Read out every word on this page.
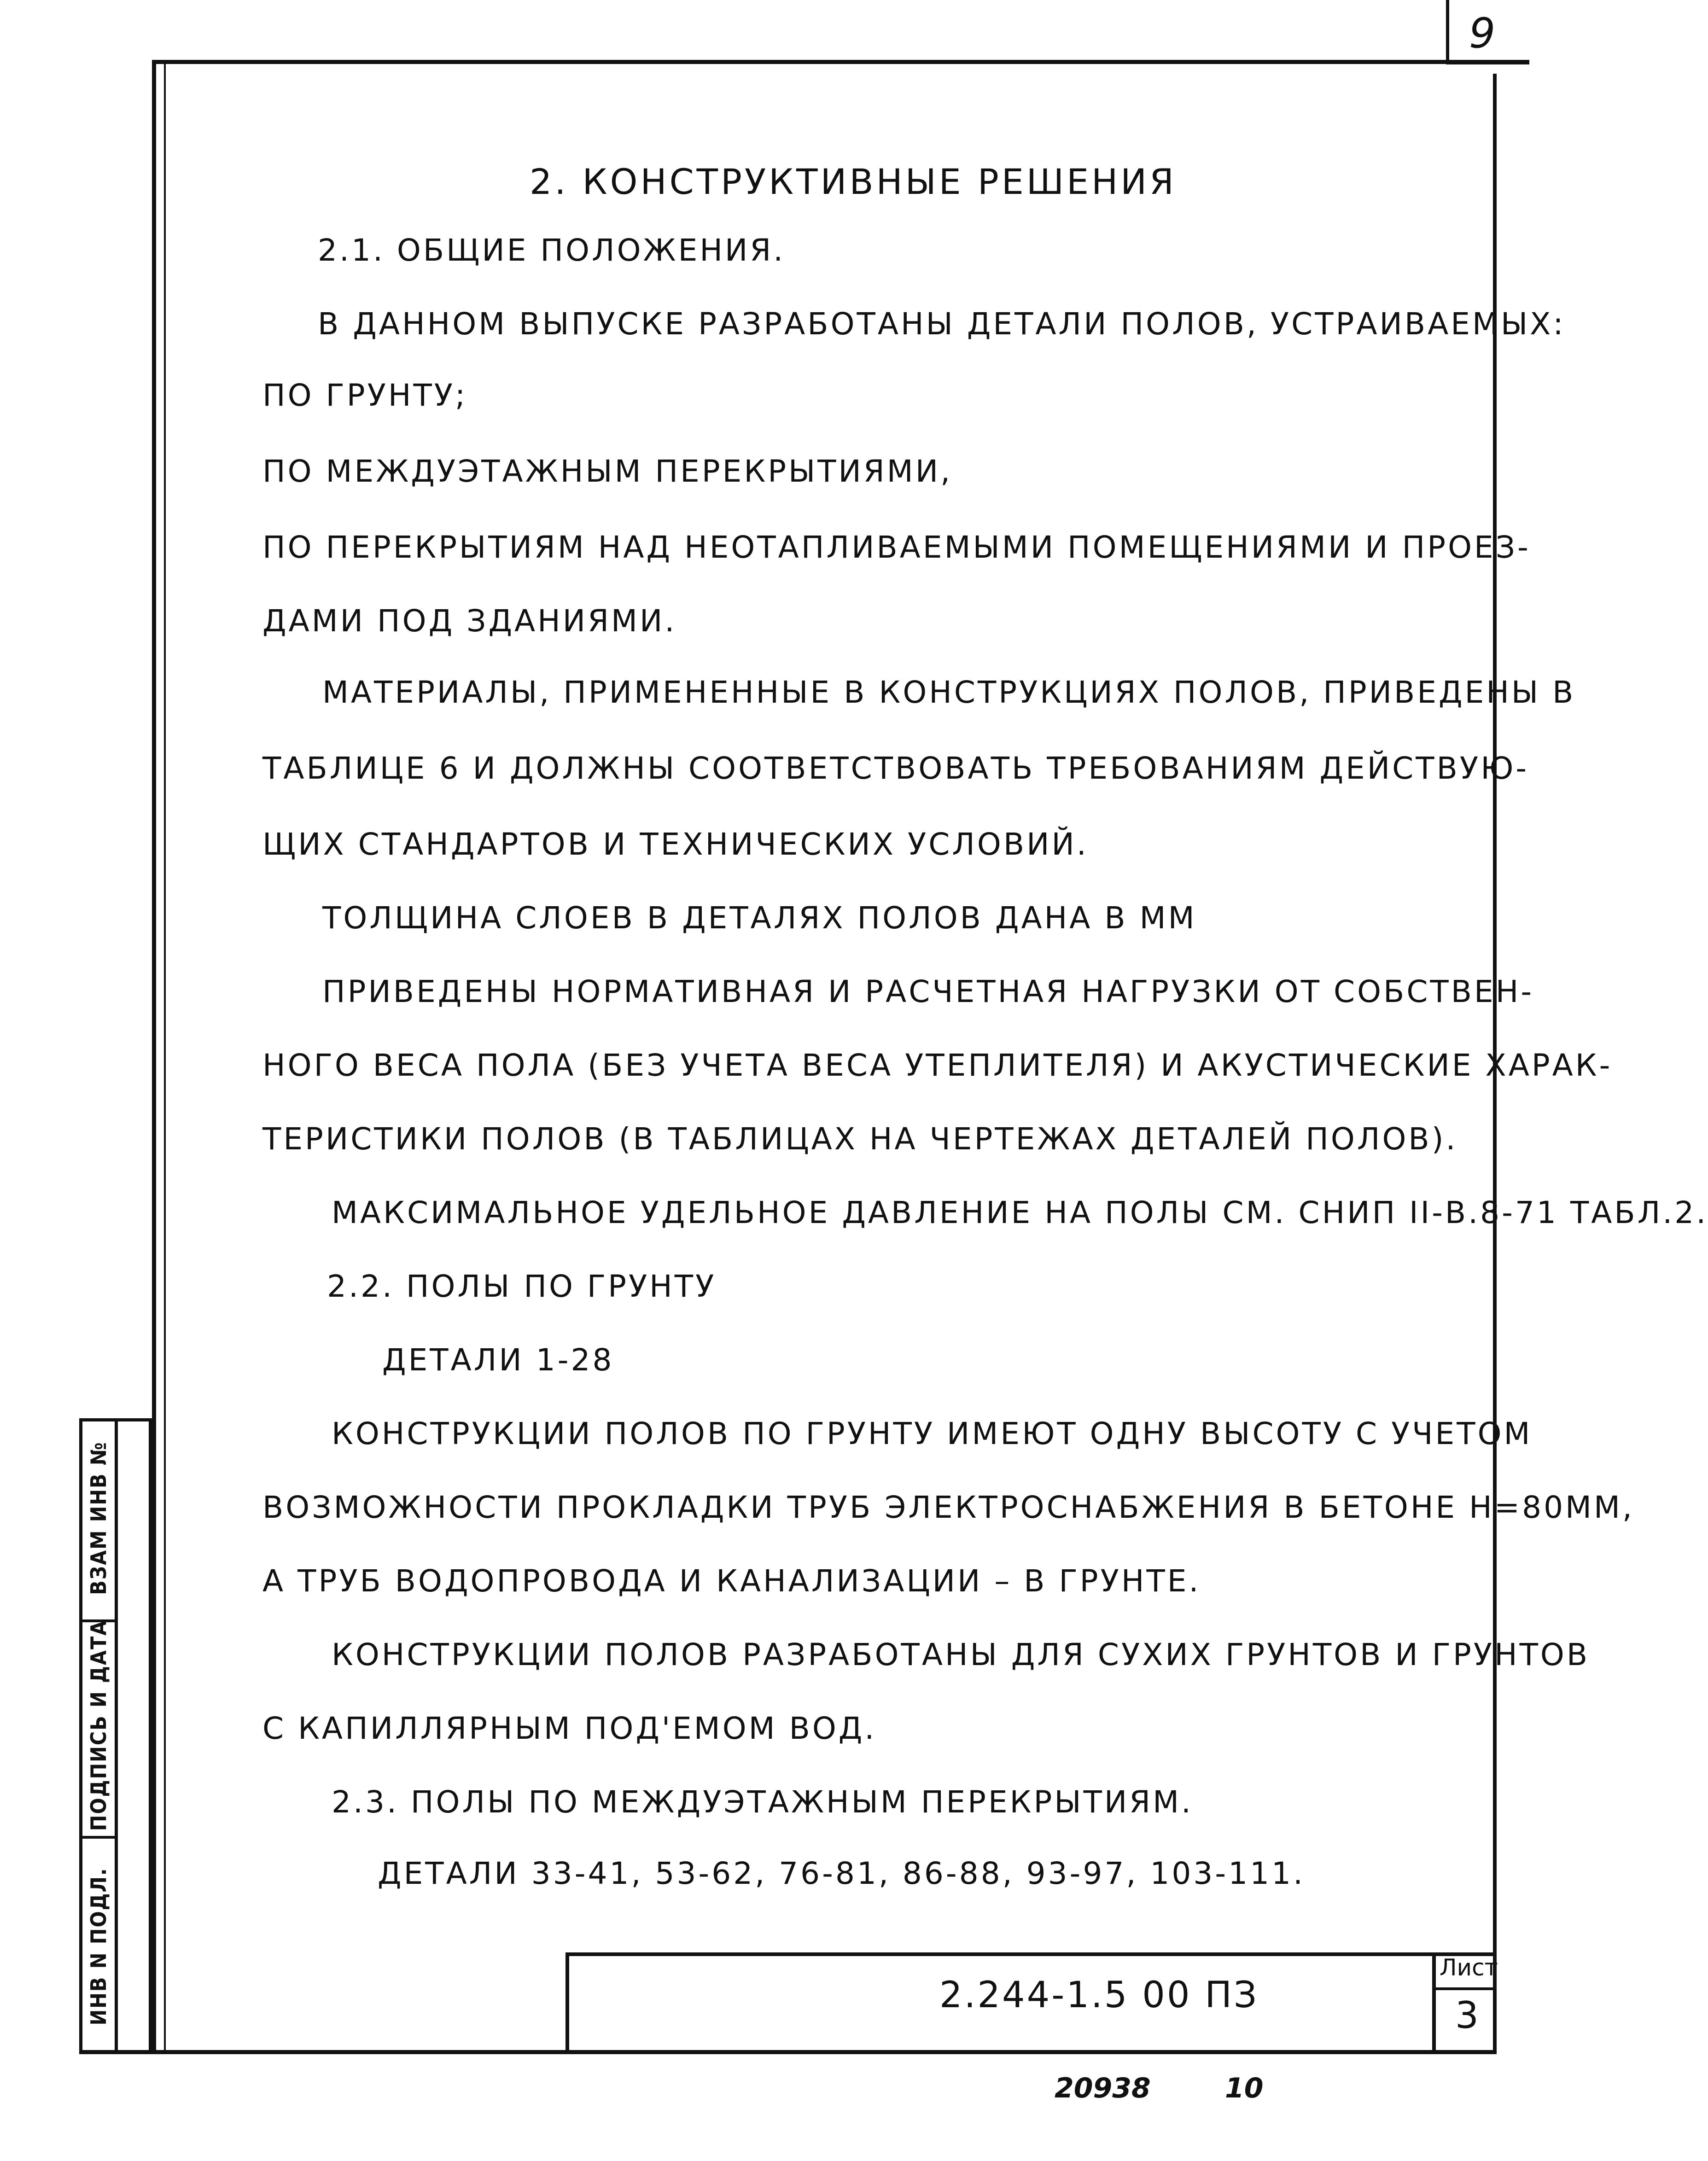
9
ВЗАМ ИНВ №
ПОДПИСЬ И ДАТА
ИНВ N ПОДЛ.
2. КОНСТРУКТИВНЫЕ РЕШЕНИЯ
2.1. ОБЩИЕ ПОЛОЖЕНИЯ.
В ДАННОМ ВЫПУСКЕ РАЗРАБОТАНЫ ДЕТАЛИ ПОЛОВ, УСТРАИВАЕМЫХ:
ПО ГРУНТУ;
ПО МЕЖДУЭТАЖНЫМ ПЕРЕКРЫТИЯМИ,
ПО ПЕРЕКРЫТИЯМ НАД НЕОТАПЛИВАЕМЫМИ ПОМЕЩЕНИЯМИ И ПРОЕЗ-
ДАМИ ПОД ЗДАНИЯМИ.
МАТЕРИАЛЫ, ПРИМЕНЕННЫЕ В КОНСТРУКЦИЯХ ПОЛОВ, ПРИВЕДЕНЫ В
ТАБЛИЦЕ 6 И ДОЛЖНЫ СООТВЕТСТВОВАТЬ ТРЕБОВАНИЯМ ДЕЙСТВУЮ-
ЩИХ СТАНДАРТОВ И ТЕХНИЧЕСКИХ УСЛОВИЙ.
ТОЛЩИНА СЛОЕВ В ДЕТАЛЯХ ПОЛОВ ДАНА В ММ
ПРИВЕДЕНЫ НОРМАТИВНАЯ И РАСЧЕТНАЯ НАГРУЗКИ ОТ СОБСТВЕН-
НОГО ВЕСА ПОЛА (БЕЗ УЧЕТА ВЕСА УТЕПЛИТЕЛЯ) И АКУСТИЧЕСКИЕ ХАРАК-
ТЕРИСТИКИ ПОЛОВ (В ТАБЛИЦАХ НА ЧЕРТЕЖАХ ДЕТАЛЕЙ ПОЛОВ).
МАКСИМАЛЬНОЕ УДЕЛЬНОЕ ДАВЛЕНИЕ НА ПОЛЫ СМ. СНИП II-В.8-71 ТАБЛ.2.
2.2. ПОЛЫ ПО ГРУНТУ
ДЕТАЛИ 1-28
КОНСТРУКЦИИ ПОЛОВ ПО ГРУНТУ ИМЕЮТ ОДНУ ВЫСОТУ С УЧЕТОМ
ВОЗМОЖНОСТИ ПРОКЛАДКИ ТРУБ ЭЛЕКТРОСНАБЖЕНИЯ В БЕТОНЕ H=80ММ,
А ТРУБ ВОДОПРОВОДА И КАНАЛИЗАЦИИ – В ГРУНТЕ.
КОНСТРУКЦИИ ПОЛОВ РАЗРАБОТАНЫ ДЛЯ СУХИХ ГРУНТОВ И ГРУНТОВ
С КАПИЛЛЯРНЫМ ПОД'ЕМОМ ВОД.
2.3. ПОЛЫ ПО МЕЖДУЭТАЖНЫМ ПЕРЕКРЫТИЯМ.
ДЕТАЛИ 33-41, 53-62, 76-81, 86-88, 93-97, 103-111.
2.244-1.5 00 ПЗ
Лист
3
20938	10
